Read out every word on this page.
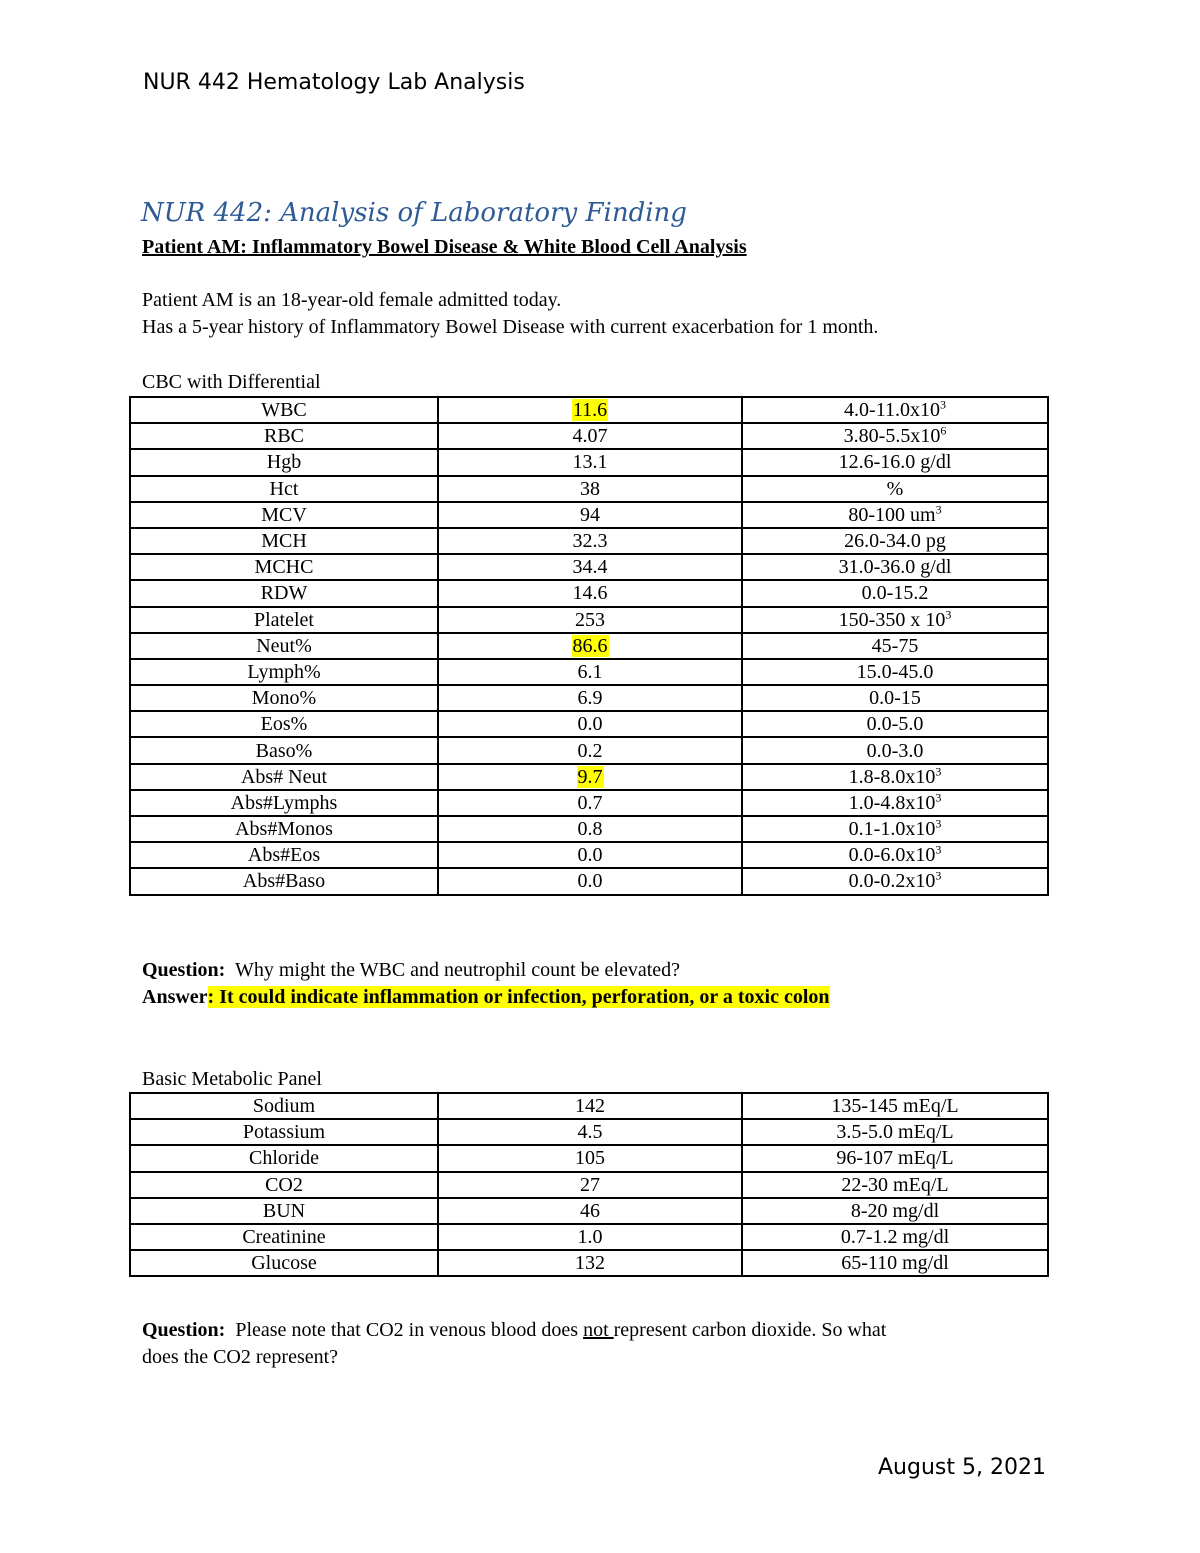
NUR 442 Hematology Lab Analysis
NUR 442: Analysis of Laboratory Finding

Patient AM: Inflammatory Bowel Disease & White Blood Cell Analysis

Patient AM is an 18-year-old female admitted today.

Has a 5-year history of Inflammatory Bowel Disease with current exacerbation for 1 month.

CBC with Differential

WBC	11.6	$4.0-11.0x10^3$
RBC	4.07	$3.80-5.5x10^6$
Hgb	13.1	12.6-16.0 g/dl
Hct	38	%
MCV	94	80-100 $um^3$
MCH	32.3	26.0-34.0 pg
MCHC	34.4	31.0-36.0 g/dl
RDW	14.6	0.0-15.2
Platelet	253	150-350 x $10^3$
Neut%	86.6	45-75
Lymph%	6.1	15.0-45.0
Mono%	6.9	0.0-15
Eos%	0.0	0.0-5.0
Baso%	0.2	0.0-3.0
Abs# Neut	9.7	$1.8-8.0x10^3$
Abs#Lymphs	0.7	$1.0-4.8x10^3$
Abs#Monos	0.8	$0.1-1.0x10^3$
Abs#Eos	0.0	$0.0-6.0x10^3$
Abs#Baso	0.0	$0.0-0.2x10^3$

Question:  Why might the WBC and neutrophil count be elevated?

Answer: It could indicate inflammation or infection, perforation, or a toxic colon

Basic Metabolic Panel

Sodium	142	135-145 mEq/L
Potassium	4.5	3.5-5.0 mEq/L
Chloride	105	96-107 mEq/L
CO2	27	22-30 mEq/L
BUN	46	8-20 mg/dl
Creatinine	1.0	0.7-1.2 mg/dl
Glucose	132	65-110 mg/dl

Question:  Please note that CO2 in venous blood does not represent carbon dioxide. So what

does the CO2 represent?

August 5, 2021
